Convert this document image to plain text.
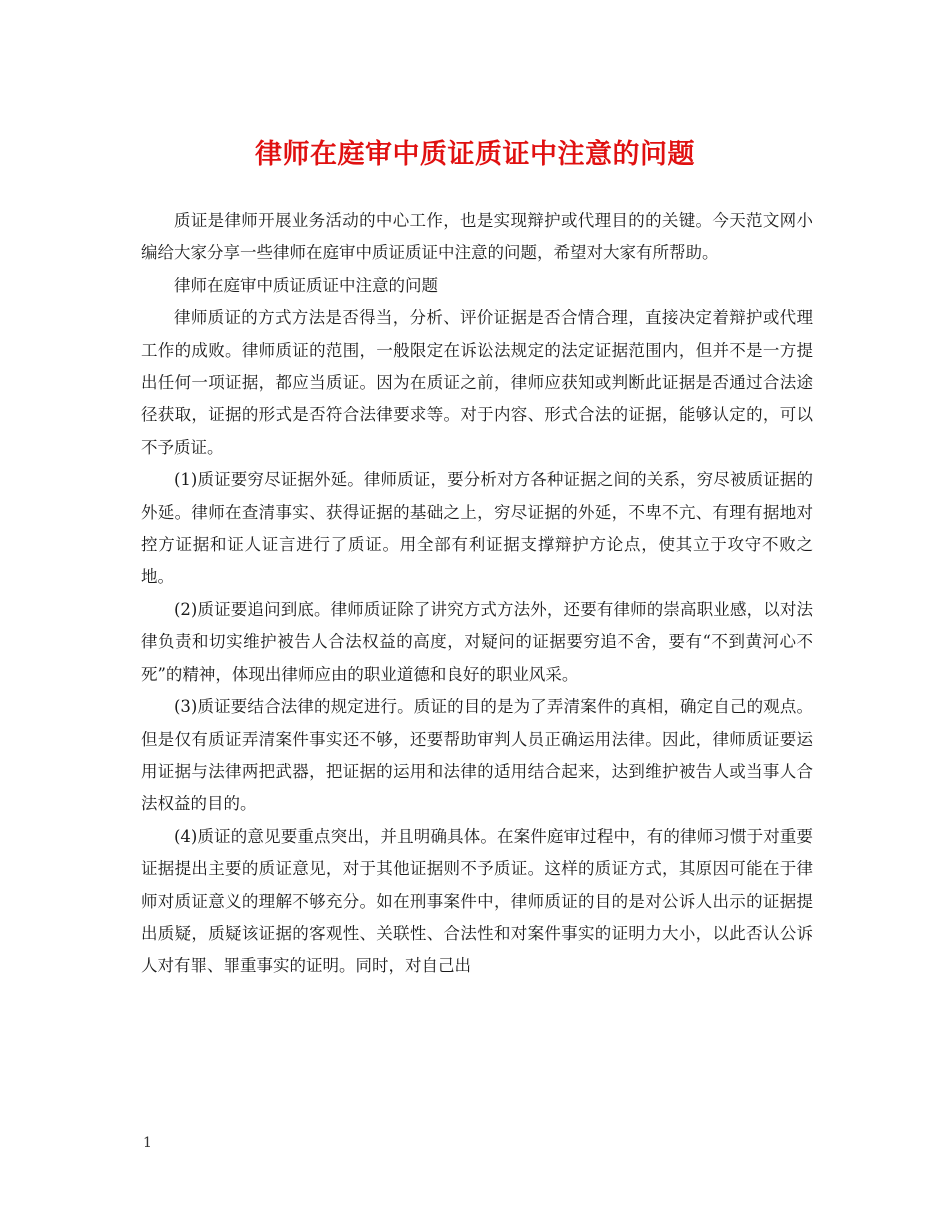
律师在庭审中质证质证中注意的问题

质证是律师开展业务活动的中心工作，也是实现辩护或代理目的的关键。今天范文网小编给大家分享一些律师在庭审中质证质证中注意的问题，希望对大家有所帮助。

律师在庭审中质证质证中注意的问题

律师质证的方式方法是否得当，分析、评价证据是否合情合理，直接决定着辩护或代理工作的成败。律师质证的范围，一般限定在诉讼法规定的法定证据范围内，但并不是一方提出任何一项证据，都应当质证。因为在质证之前，律师应获知或判断此证据是否通过合法途径获取，证据的形式是否符合法律要求等。对于内容、形式合法的证据，能够认定的，可以不予质证。

(1)质证要穷尽证据外延。律师质证，要分析对方各种证据之间的关系，穷尽被质证据的外延。律师在查清事实、获得证据的基础之上，穷尽证据的外延，不卑不亢、有理有据地对控方证据和证人证言进行了质证。用全部有利证据支撑辩护方论点，使其立于攻守不败之地。

(2)质证要追问到底。律师质证除了讲究方式方法外，还要有律师的崇高职业感，以对法律负责和切实维护被告人合法权益的高度，对疑问的证据要穷追不舍，要有“不到黄河心不死”的精神，体现出律师应由的职业道德和良好的职业风采。

(3)质证要结合法律的规定进行。质证的目的是为了弄清案件的真相，确定自己的观点。但是仅有质证弄清案件事实还不够，还要帮助审判人员正确运用法律。因此，律师质证要运用证据与法律两把武器，把证据的运用和法律的适用结合起来，达到维护被告人或当事人合法权益的目的。

(4)质证的意见要重点突出，并且明确具体。在案件庭审过程中，有的律师习惯于对重要证据提出主要的质证意见，对于其他证据则不予质证。这样的质证方式，其原因可能在于律师对质证意义的理解不够充分。如在刑事案件中，律师质证的目的是对公诉人出示的证据提出质疑，质疑该证据的客观性、关联性、合法性和对案件事实的证明力大小，以此否认公诉人对有罪、罪重事实的证明。同时，对自己出

1
